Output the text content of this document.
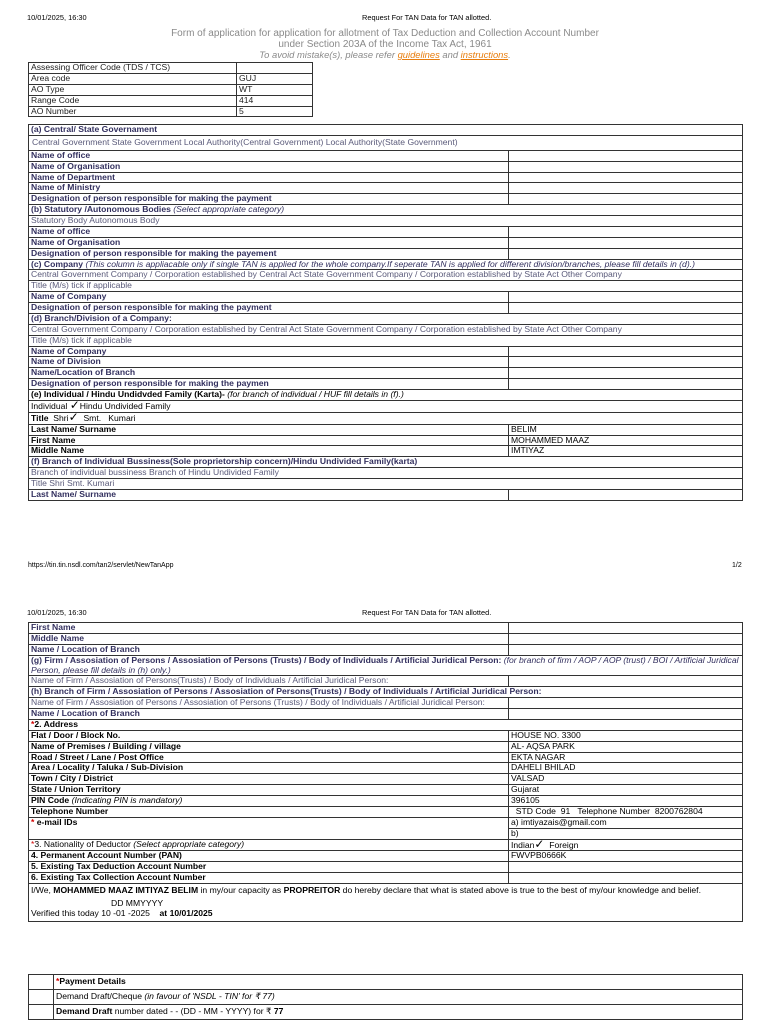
10/01/2025, 16:30	Request For TAN Data for TAN allotted.
Form of application for application for allotment of Tax Deduction and Collection Account Number
under Section 203A of the Income Tax Act, 1961
To avoid mistake(s), please refer guidelines and instructions.
Assessing Officer Code (TDS / TCS)	
Area code	GUJ
AO Type	WT
Range Code	414
AO Number	5
(a) Central/ State Governament	
Central Government State Government Local Authority(Central Government) Local Authority(State Government)	
Name of office	
Name of Organisation	
Name of Department	
Name of Ministry	
Designation of person responsible for making the payment	
(b) Statutory /Autonomous Bodies (Select appropriate category)	
Statutory Body Autonomous Body	
Name of office	
Name of Organisation	
Designation of person responsible for making the payement	
(c) Company (This column is appliacable only if single TAN is applied for the whole company.If seperate TAN is applied for different division/branches, please fill details in (d).)	
Central Government Company / Corporation established by Central Act State Government Company / Corporation established by State Act Other Company	
Title (M/s) tick if applicable	
Name of Company	
Designation of person responsible for making the payment	
(d) Branch/Division of a Company:	
Central Government Company / Corporation established by Central Act State Government Company / Corporation established by State Act Other Company	
Title (M/s) tick if applicable	
Name of Company	
Name of Division	
Name/Location of Branch	
Designation of person responsible for making the paymen	
(e) Individual / Hindu Undidvded Family (Karta)- (for branch of individual / HUF fill details in (f).)	
Individual ✓Hindu Undivided Family	
Title Shri✓ Smt. Kumari	
Last Name/ Surname	BELIM
First Name	MOHAMMED MAAZ
Middle Name	IMTIYAZ
(f) Branch of Individual Bussiness(Sole proprietorship concern)/Hindu Undivided Family(karta)	
Branch of individual bussiness Branch of Hindu Undivided Family	
Title Shri Smt. Kumari	
Last Name/ Surname	
https://tin.tin.nsdl.com/tan2/servlet/NewTanApp	1/2
10/01/2025, 16:30	Request For TAN Data for TAN allotted.
First Name	
Middle Name	
Name / Location of Branch	
(g) Firm / Assosiation of Persons / Assosiation of Persons (Trusts) / Body of Individuals / Artificial Juridical Person: (for branch of firm / AOP / AOP (trust) / BOI / Artificial Juridical Person, please fill details in (h) only.)	
Name of Firm / Assosiation of Persons(Trusts) / Body of Individuals / Artificial Juridical Person:	
(h) Branch of Firm / Assosiation of Persons / Assosiation of Persons(Trusts) / Body of Individuals / Artificial Juridical Person:	
Name of Firm / Assosiation of Persons / Assosiation of Persons (Trusts) / Body of Individuals / Artificial Juridical Person:	
Name / Location of Branch	
*2. Address	
Flat / Door / Block No.	HOUSE NO. 3300
Name of Premises / Building / village	AL- AQSA PARK
Road / Street / Lane / Post Office	EKTA NAGAR
Area / Locality / Taluka / Sub-Division	DAHELI BHILAD
Town / City / District	VALSAD
State / Union Territory	Gujarat
PIN Code (Indicating PIN is mandatory)	396105
Telephone Number	STD Code 91 Telephone Number 8200762804
* e-mail IDs	a) imtiyazais@gmail.com
	b)
*3. Nationality of Deductor (Select appropriate category)	Indian✓ Foreign
4. Permanent Account Number (PAN)	FWVPB0666K
5. Existing Tax Deduction Account Number	
6. Existing Tax Collection Account Number	
I/We, MOHAMMED MAAZ IMTIYAZ BELIM in my/our capacity as PROPREITOR do hereby declare that what is stated above is true to the best of my/our knowledge and belief.
DD MMYYYY
Verified this today 10 -01 -2025 at 10/01/2025	
	*Payment Details
	Demand Draft/Cheque (in favour of 'NSDL - TIN' for ₹ 77)
	Demand Draft number dated - - (DD - MM - YYYY) for ₹ 77
